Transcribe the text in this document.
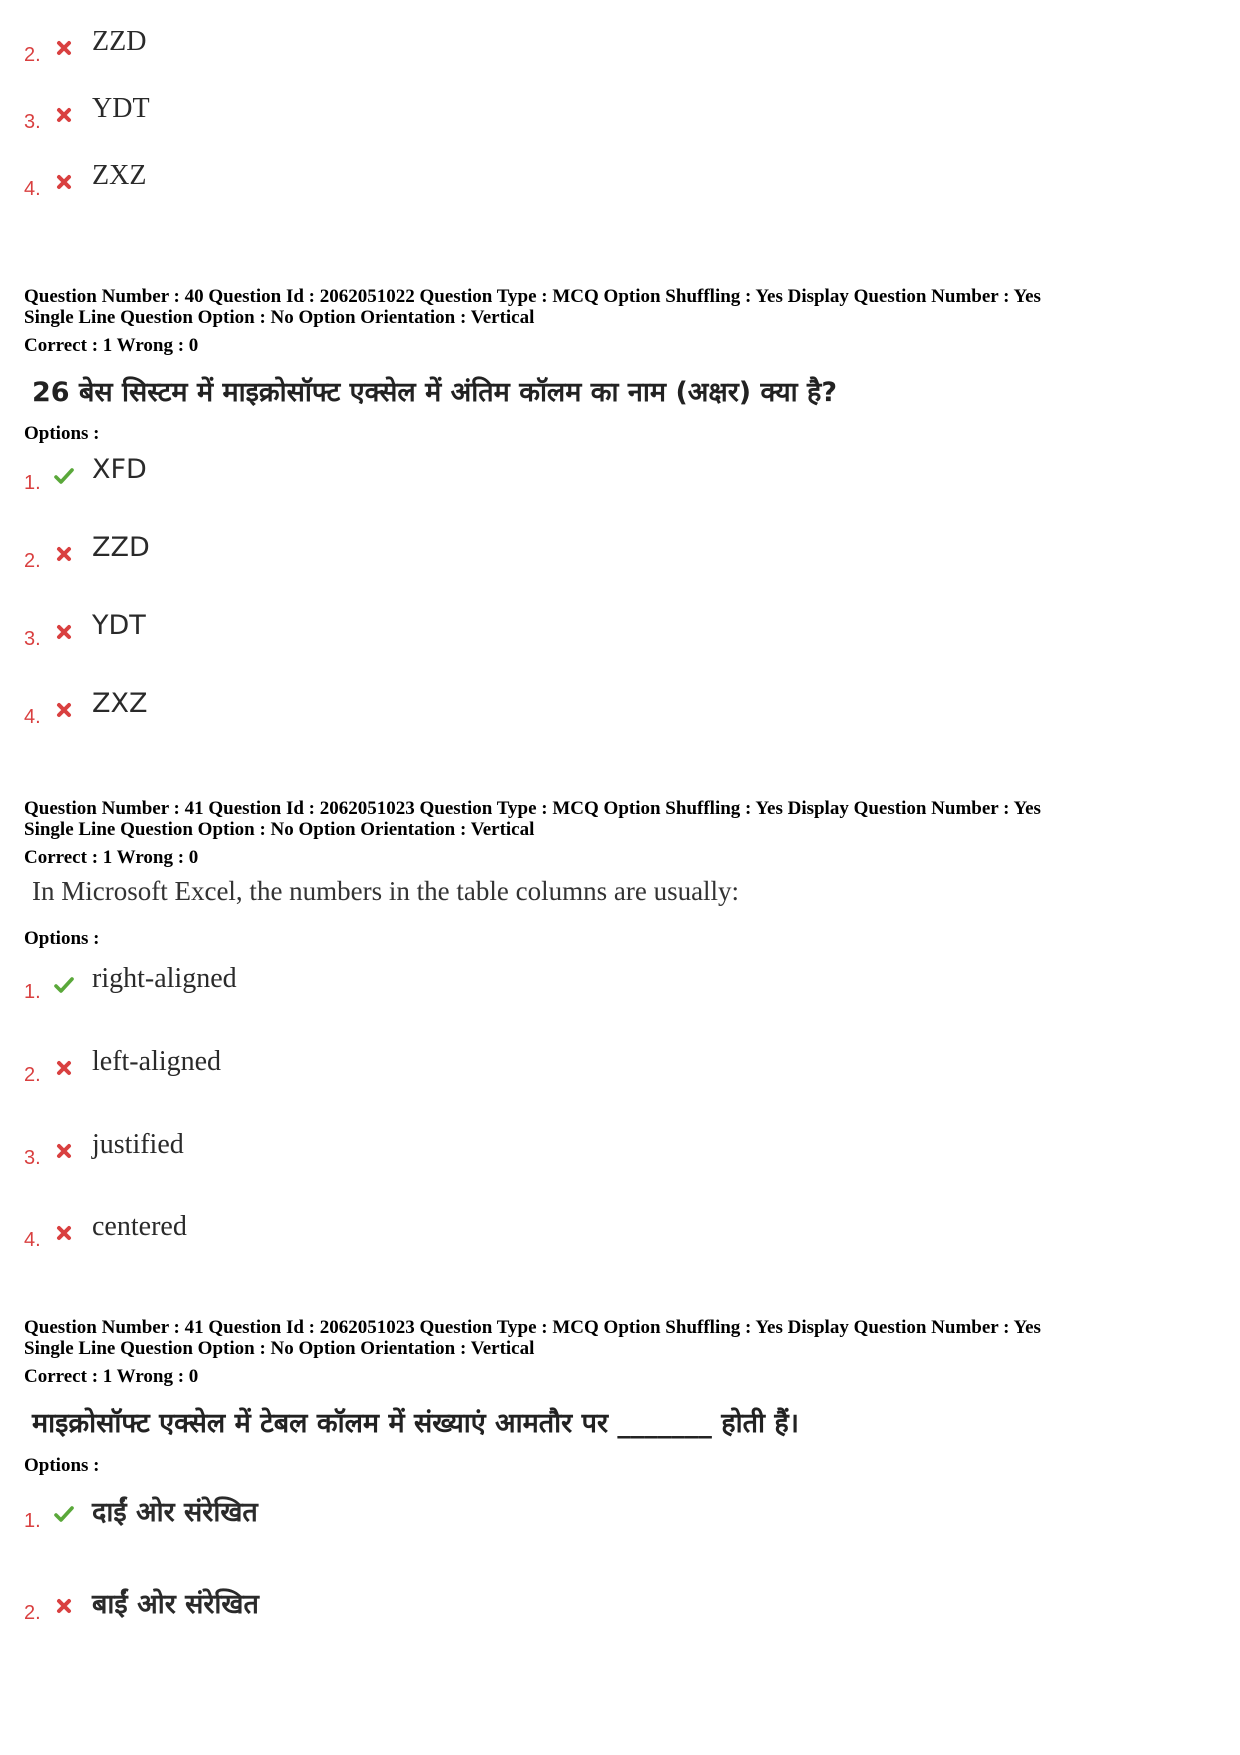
2. ZZD
3. YDT
4. ZXZ
Question Number : 40 Question Id : 2062051022 Question Type : MCQ Option Shuffling : Yes Display Question Number : Yes
Single Line Question Option : No Option Orientation : Vertical
Correct : 1 Wrong : 0
26 बेस सिस्टम में माइक्रोसॉफ्ट एक्सेल में अंतिम कॉलम का नाम (अक्षर) क्या है?
Options :
1. XFD
2. ZZD
3. YDT
4. ZXZ
Question Number : 41 Question Id : 2062051023 Question Type : MCQ Option Shuffling : Yes Display Question Number : Yes
Single Line Question Option : No Option Orientation : Vertical
Correct : 1 Wrong : 0
In Microsoft Excel, the numbers in the table columns are usually:
Options :
1. right-aligned
2. left-aligned
3. justified
4. centered
Question Number : 41 Question Id : 2062051023 Question Type : MCQ Option Shuffling : Yes Display Question Number : Yes
Single Line Question Option : No Option Orientation : Vertical
Correct : 1 Wrong : 0
माइक्रोसॉफ्ट एक्सेल में टेबल कॉलम में संख्याएं आमतौर पर _______ होती हैं।
Options :
1. दाईं ओर संरेखित
2. बाईं ओर संरेखित
